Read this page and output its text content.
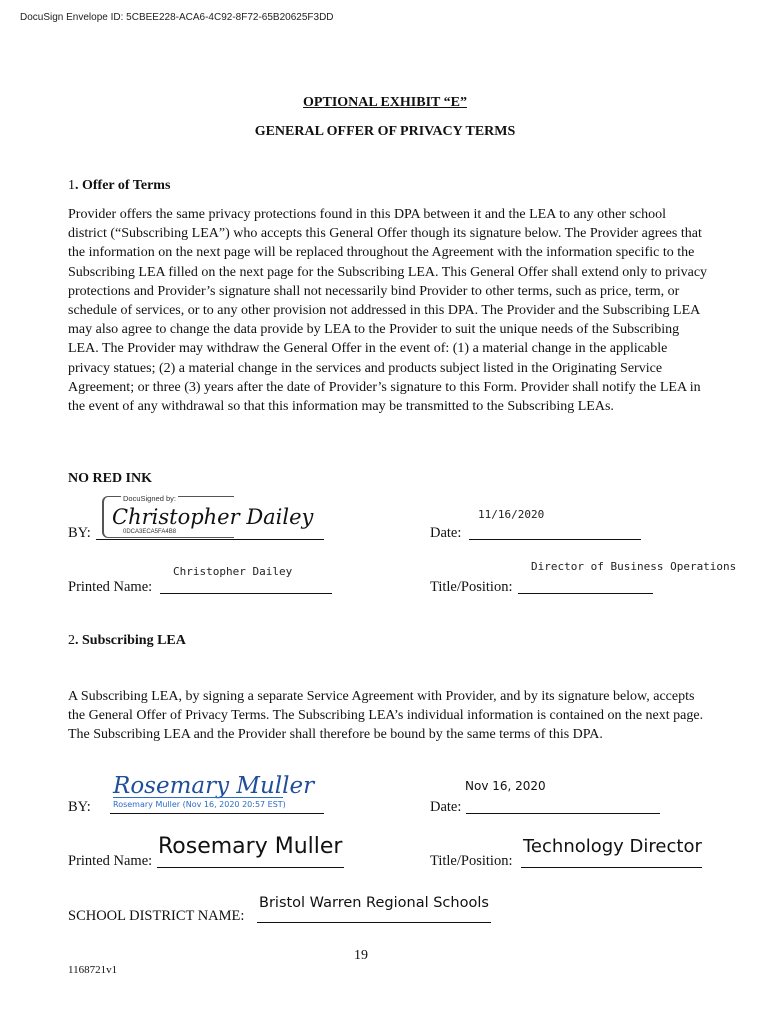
DocuSign Envelope ID: 5CBEE228-ACA6-4C92-8F72-65B20625F3DD
OPTIONAL EXHIBIT “E”
GENERAL OFFER OF PRIVACY TERMS
1. Offer of Terms
Provider offers the same privacy protections found in this DPA between it and the LEA to any other school district (“Subscribing LEA”) who accepts this General Offer though its signature below. The Provider agrees that the information on the next page will be replaced throughout the Agreement with the information specific to the Subscribing LEA filled on the next page for the Subscribing LEA. This General Offer shall extend only to privacy protections and Provider’s signature shall not necessarily bind Provider to other terms, such as price, term, or schedule of services, or to any other provision not addressed in this DPA. The Provider and the Subscribing LEA may also agree to change the data provide by LEA to the Provider to suit the unique needs of the Subscribing LEA. The Provider may withdraw the General Offer in the event of: (1) a material change in the applicable privacy statues; (2) a material change in the services and products subject listed in the Originating Service Agreement; or three (3) years after the date of Provider’s signature to this Form. Provider shall notify the LEA in the event of any withdrawal so that this information may be transmitted to the Subscribing LEAs.
NO RED INK
DocuSigned by:
Christopher Dailey
0DCA3ECA5FA4B8
BY:
11/16/2020
Date:
Christopher Dailey
Printed Name:
Director of Business Operations
Title/Position:
2. Subscribing LEA
A Subscribing LEA, by signing a separate Service Agreement with Provider, and by its signature below, accepts the General Offer of Privacy Terms. The Subscribing LEA’s individual information is contained on the next page. The Subscribing LEA and the Provider shall therefore be bound by the same terms of this DPA.
Rosemary Muller
Rosemary Muller (Nov 16, 2020 20:57 EST)
BY:
Nov 16, 2020
Date:
Printed Name:
Rosemary Muller
Title/Position:
Technology Director
SCHOOL DISTRICT NAME:
Bristol Warren Regional Schools
19
1168721v1
